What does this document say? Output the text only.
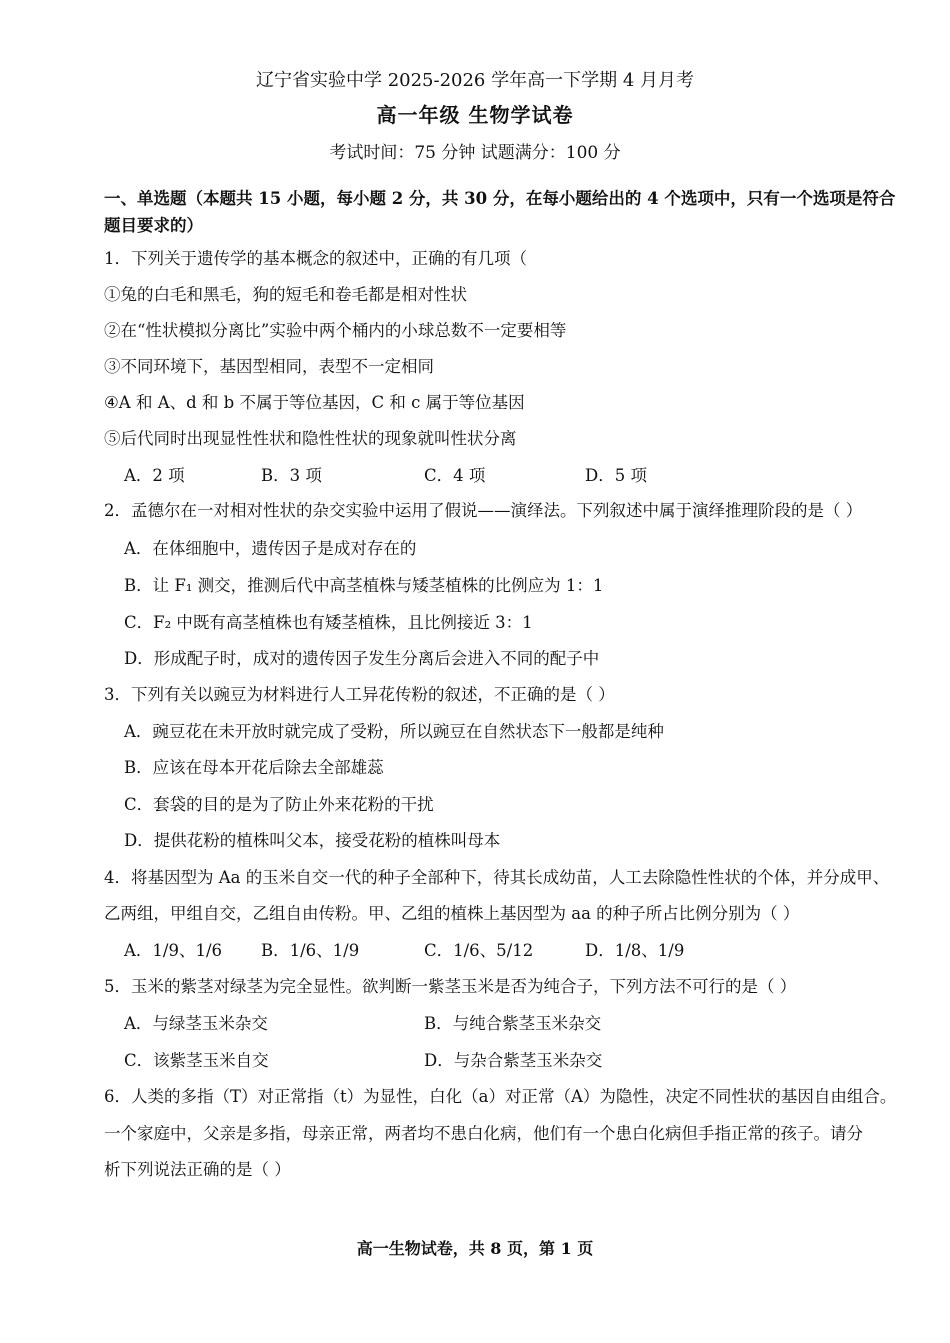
辽宁省实验中学 2025-2026 学年高一下学期 4 月月考
高一年级 生物学试卷
考试时间：75 分钟 试题满分：100 分
一、单选题（本题共 15 小题，每小题 2 分，共 30 分，在每小题给出的 4 个选项中，只有一个选项是符合
题目要求的）
1．下列关于遗传学的基本概念的叙述中，正确的有几项（
①兔的白毛和黑毛，狗的短毛和卷毛都是相对性状
②在“性状模拟分离比”实验中两个桶内的小球总数不一定要相等
③不同环境下，基因型相同，表型不一定相同
④A 和 A、d 和 b 不属于等位基因，C 和 c 属于等位基因
⑤后代同时出现显性性状和隐性性状的现象就叫性状分离
A．2 项	B．3 项	C．4 项	D．5 项
2．孟德尔在一对相对性状的杂交实验中运用了假说——演绎法。下列叙述中属于演绎推理阶段的是（ ）
A．在体细胞中，遗传因子是成对存在的
B．让 F₁ 测交，推测后代中高茎植株与矮茎植株的比例应为 1：1
C．F₂ 中既有高茎植株也有矮茎植株，且比例接近 3：1
D．形成配子时，成对的遗传因子发生分离后会进入不同的配子中
3．下列有关以豌豆为材料进行人工异花传粉的叙述，不正确的是（ ）
A．豌豆花在未开放时就完成了受粉，所以豌豆在自然状态下一般都是纯种
B．应该在母本开花后除去全部雄蕊
C．套袋的目的是为了防止外来花粉的干扰
D．提供花粉的植株叫父本，接受花粉的植株叫母本
4．将基因型为 Aa 的玉米自交一代的种子全部种下，待其长成幼苗，人工去除隐性性状的个体，并分成甲、
乙两组，甲组自交，乙组自由传粉。甲、乙组的植株上基因型为 aa 的种子所占比例分别为（ ）
A．1/9、1/6 B．1/6、1/9	C．1/6、5/12	D．1/8、1/9
5．玉米的紫茎对绿茎为完全显性。欲判断一紫茎玉米是否为纯合子，下列方法不可行的是（ ）
A．与绿茎玉米杂交	B．与纯合紫茎玉米杂交
C．该紫茎玉米自交	D．与杂合紫茎玉米杂交
6．人类的多指（T）对正常指（t）为显性，白化（a）对正常（A）为隐性，决定不同性状的基因自由组合。
一个家庭中，父亲是多指，母亲正常，两者均不患白化病，他们有一个患白化病但手指正常的孩子。请分
析下列说法正确的是（ ）
高一生物试卷，共 8 页，第 1 页
